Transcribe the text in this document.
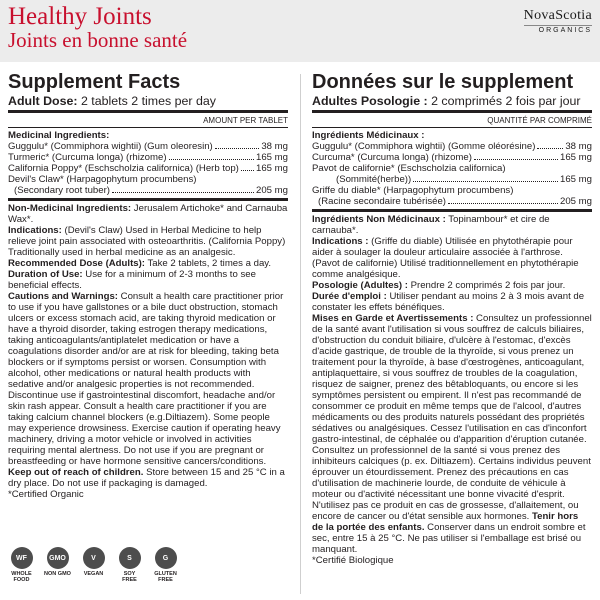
Healthy Joints
Joints en bonne santé
NovaScotia
ORGANICS
Supplement Facts
Adult Dose: 2 tablets 2 times per day
AMOUNT PER TABLET
Medicinal Ingredients:
Guggulu* (Commiphora wightii) (Gum oleoresin)	38 mg
Turmeric* (Curcuma longa) (rhizome)	165 mg
California Poppy* (Eschscholzia californica) (Herb top) 165 mg
Devil's Claw* (Harpagophytum procumbens)
(Secondary root tuber)	205 mg

Non-Medicinal Ingredients: Jerusalem Artichoke* and Carnauba Wax*.

Indications: (Devil's Claw) Used in Herbal Medicine to help relieve joint pain associated with osteoarthritis. (California Poppy) Traditionally used in herbal medicine as an analgesic.

Recommended Dose (Adults): Take 2 tablets, 2 times a day.

Duration of Use: Use for a minimum of 2-3 months to see beneficial effects.

Cautions and Warnings: Consult a health care practitioner prior to use if you have gallstones or a bile duct obstruction, stomach ulcers or excess stomach acid, are taking thyroid medication or have a thyroid disorder, taking estrogen therapy medications, taking anticoagulants/antiplatelet medication or have a coagulations disorder and/or are at risk for bleeding, taking beta blockers or if symptoms persist or worsen. Consumption with alcohol, other medications or natural health products with sedative and/or analgesic properties is not recommended. Discontinue use if gastrointestinal discomfort, headache and/or skin rash appear. Consult a health care practitioner if you are taking calcium channel blockers (e.g.Diltiazem). Some people may experience drowsiness. Exercise caution if operating heavy machinery, driving a motor vehicle or involved in activities requiring mental alertness. Do not use if you are pregnant or breastfeeding or have hormone sensitive cancers/conditions. Keep out of reach of children. Store between 15 and 25 °C in a dry place. Do not use if packaging is damaged.

*Certified Organic

Données sur le supplement
Adultes Posologie : 2 comprimés 2 fois par jour
QUANTITÉ PAR COMPRIMÉ
Ingrédients Médicinaux :
Guggulu* (Commiphora wightii) (Gomme oléorésine)	38 mg
Curcuma* (Curcuma longa) (rhizome)	165 mg
Pavot de californie* (Eschscholzia californica)
(Sommité(herbe))	165 mg
Griffe du diable* (Harpagophytum procumbens)
(Racine secondaire tubérisée)	205 mg

Ingrédients Non Médicinaux : Topinambour* et cire de carnauba*.

Indications : (Griffe du diable) Utilisée en phytothérapie pour aider à soulager la douleur articulaire associée à l'arthrose. (Pavot de californie) Utilisé traditionnellement en phytothérapie comme analgésique.

Posologie (Adultes) : Prendre 2 comprimés 2 fois par jour.

Durée d'emploi : Utiliser pendant au moins 2 à 3 mois avant de constater les effets bénéfiques.

Mises en Garde et Avertissements : Consultez un professionnel de la santé avant l'utilisation si vous souffrez de calculs biliaires, d'obstruction du conduit biliaire, d'ulcère à l'estomac, d'excès d'acide gastrique, de trouble de la thyroïde, si vous prenez un traitement pour la thyroïde, à base d'œstrogènes, anticoagulant, antiplaquettaire, si vous souffrez de troubles de la coagulation, risquez de saigner, prenez des bêtabloquants, ou encore si les symptômes persistent ou empirent. Il n'est pas recommandé de consommer ce produit en même temps que de l'alcool, d'autres médicaments ou des produits naturels possédant des propriétés sédatives ou analgésiques. Cessez l'utilisation en cas d'inconfort gastro-intestinal, de céphalée ou d'apparition d'éruption cutanée. Consultez un professionnel de la santé si vous prenez des inhibiteurs calciques (p. ex. Diltiazem). Certains individus peuvent éprouver un étourdissement. Prenez des précautions en cas d'utilisation de machinerie lourde, de conduite de véhicule à moteur ou d'activité nécessitant une bonne vivacité d'esprit. N'utilisez pas ce produit en cas de grossesse, d'allaitement, ou encore de cancer ou d'état sensible aux hormones. Tenir hors de la portée des enfants. Conserver dans un endroit sombre et sec, entre 15 à 25 °C. Ne pas utiliser si l'emballage est brisé ou manquant.

*Certifié Biologique

WF
WHOLE FOOD
GMO
NON GMO
V
VEGAN
S
SOY FREE
G
GLUTEN FREE
